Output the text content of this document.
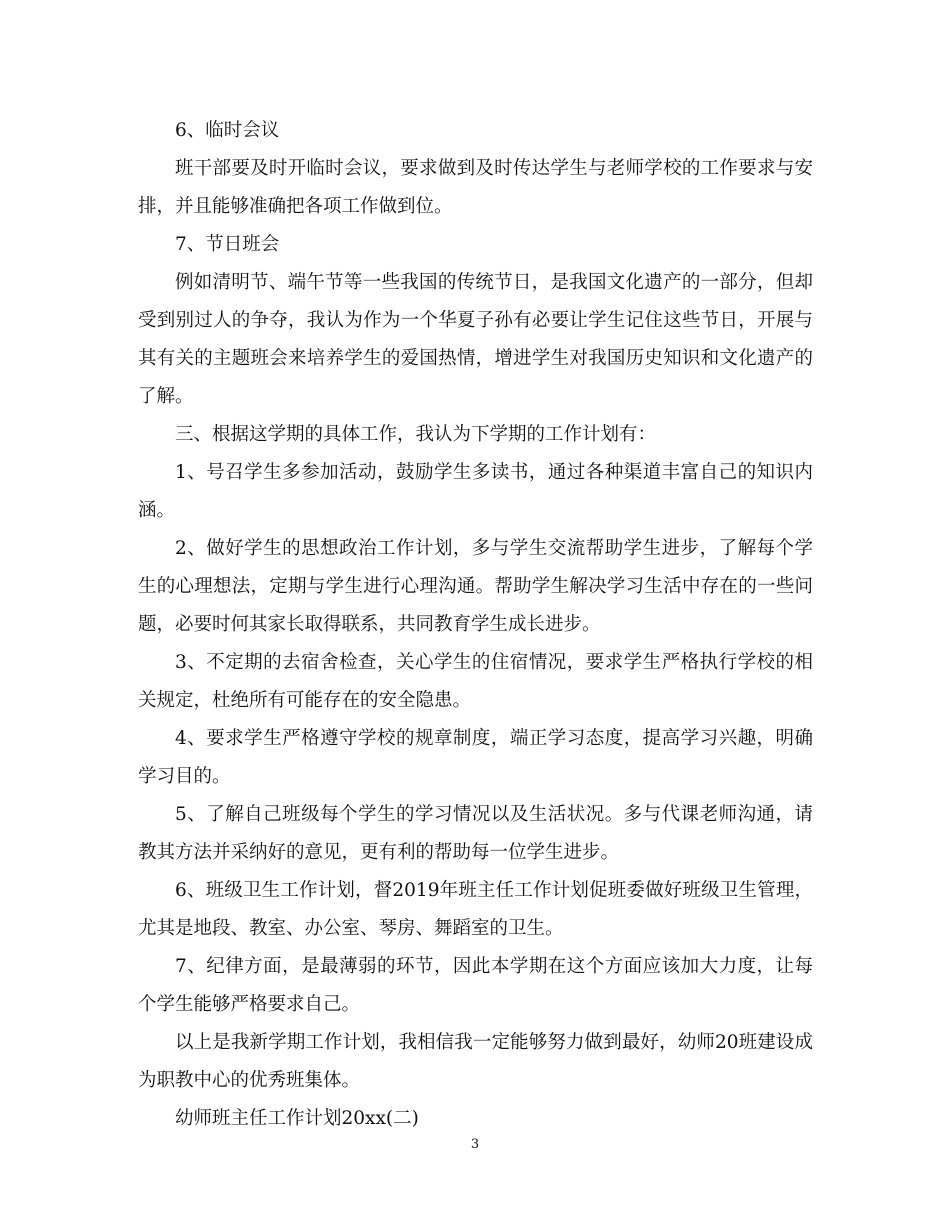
6、临时会议

班干部要及时开临时会议，要求做到及时传达学生与老师学校的工作要求与安排，并且能够准确把各项工作做到位。

7、节日班会

例如清明节、端午节等一些我国的传统节日，是我国文化遗产的一部分，但却受到别过人的争夺，我认为作为一个华夏子孙有必要让学生记住这些节日，开展与其有关的主题班会来培养学生的爱国热情，增进学生对我国历史知识和文化遗产的了解。

三、根据这学期的具体工作，我认为下学期的工作计划有：

1、号召学生多参加活动，鼓励学生多读书，通过各种渠道丰富自己的知识内涵。

2、做好学生的思想政治工作计划，多与学生交流帮助学生进步，了解每个学生的心理想法，定期与学生进行心理沟通。帮助学生解决学习生活中存在的一些问题，必要时何其家长取得联系，共同教育学生成长进步。

3、不定期的去宿舍检查，关心学生的住宿情况，要求学生严格执行学校的相关规定，杜绝所有可能存在的安全隐患。

4、要求学生严格遵守学校的规章制度，端正学习态度，提高学习兴趣，明确学习目的。

5、了解自己班级每个学生的学习情况以及生活状况。多与代课老师沟通，请教其方法并采纳好的意见，更有利的帮助每一位学生进步。

6、班级卫生工作计划，督2019年班主任工作计划促班委做好班级卫生管理，尤其是地段、教室、办公室、琴房、舞蹈室的卫生。

7、纪律方面，是最薄弱的环节，因此本学期在这个方面应该加大力度，让每个学生能够严格要求自己。

以上是我新学期工作计划，我相信我一定能够努力做到最好，幼师20班建设成为职教中心的优秀班集体。

幼师班主任工作计划20xx(二)

3
